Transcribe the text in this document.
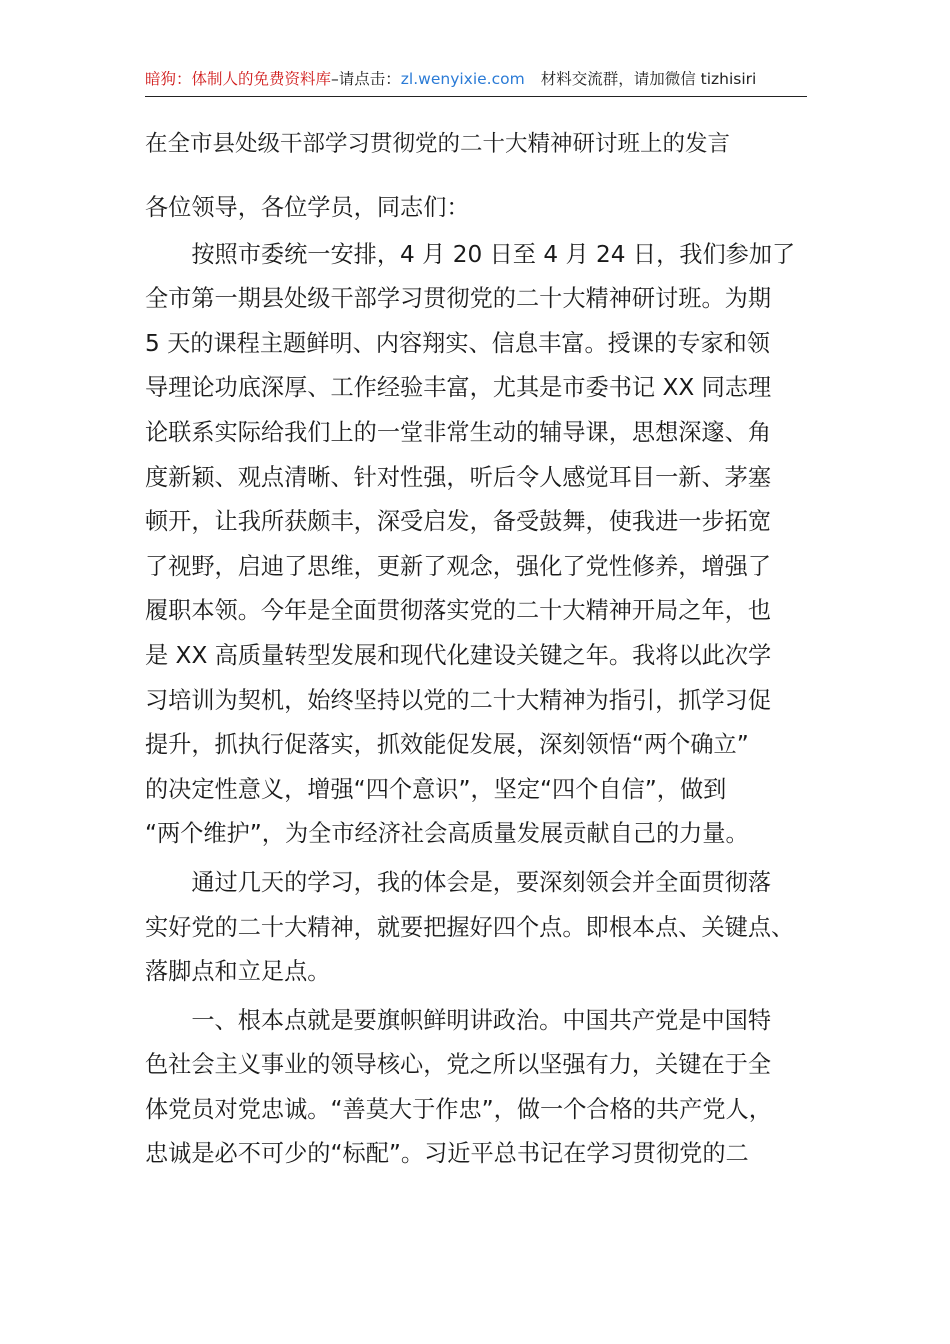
暗狗：体制人的免费资料库–请点击：zl.wenyixie.com 材料交流群，请加微信 tizhisiri
在全市县处级干部学习贯彻党的二十大精神研讨班上的发言
各位领导，各位学员，同志们：
　　按照市委统一安排，4 月 20 日至 4 月 24 日，我们参加了
全市第一期县处级干部学习贯彻党的二十大精神研讨班。为期
5 天的课程主题鲜明、内容翔实、信息丰富。授课的专家和领
导理论功底深厚、工作经验丰富，尤其是市委书记 XX 同志理
论联系实际给我们上的一堂非常生动的辅导课，思想深邃、角
度新颖、观点清晰、针对性强，听后令人感觉耳目一新、茅塞
顿开，让我所获颇丰，深受启发，备受鼓舞，使我进一步拓宽
了视野，启迪了思维，更新了观念，强化了党性修养，增强了
履职本领。今年是全面贯彻落实党的二十大精神开局之年，也
是 XX 高质量转型发展和现代化建设关键之年。我将以此次学
习培训为契机，始终坚持以党的二十大精神为指引，抓学习促
提升，抓执行促落实，抓效能促发展，深刻领悟“两个确立”
的决定性意义，增强“四个意识”，坚定“四个自信”，做到
“两个维护”，为全市经济社会高质量发展贡献自己的力量。
　　通过几天的学习，我的体会是，要深刻领会并全面贯彻落
实好党的二十大精神，就要把握好四个点。即根本点、关键点、
落脚点和立足点。
　　一、根本点就是要旗帜鲜明讲政治。中国共产党是中国特
色社会主义事业的领导核心，党之所以坚强有力，关键在于全
体党员对党忠诚。“善莫大于作忠”，做一个合格的共产党人，
忠诚是必不可少的“标配”。习近平总书记在学习贯彻党的二
